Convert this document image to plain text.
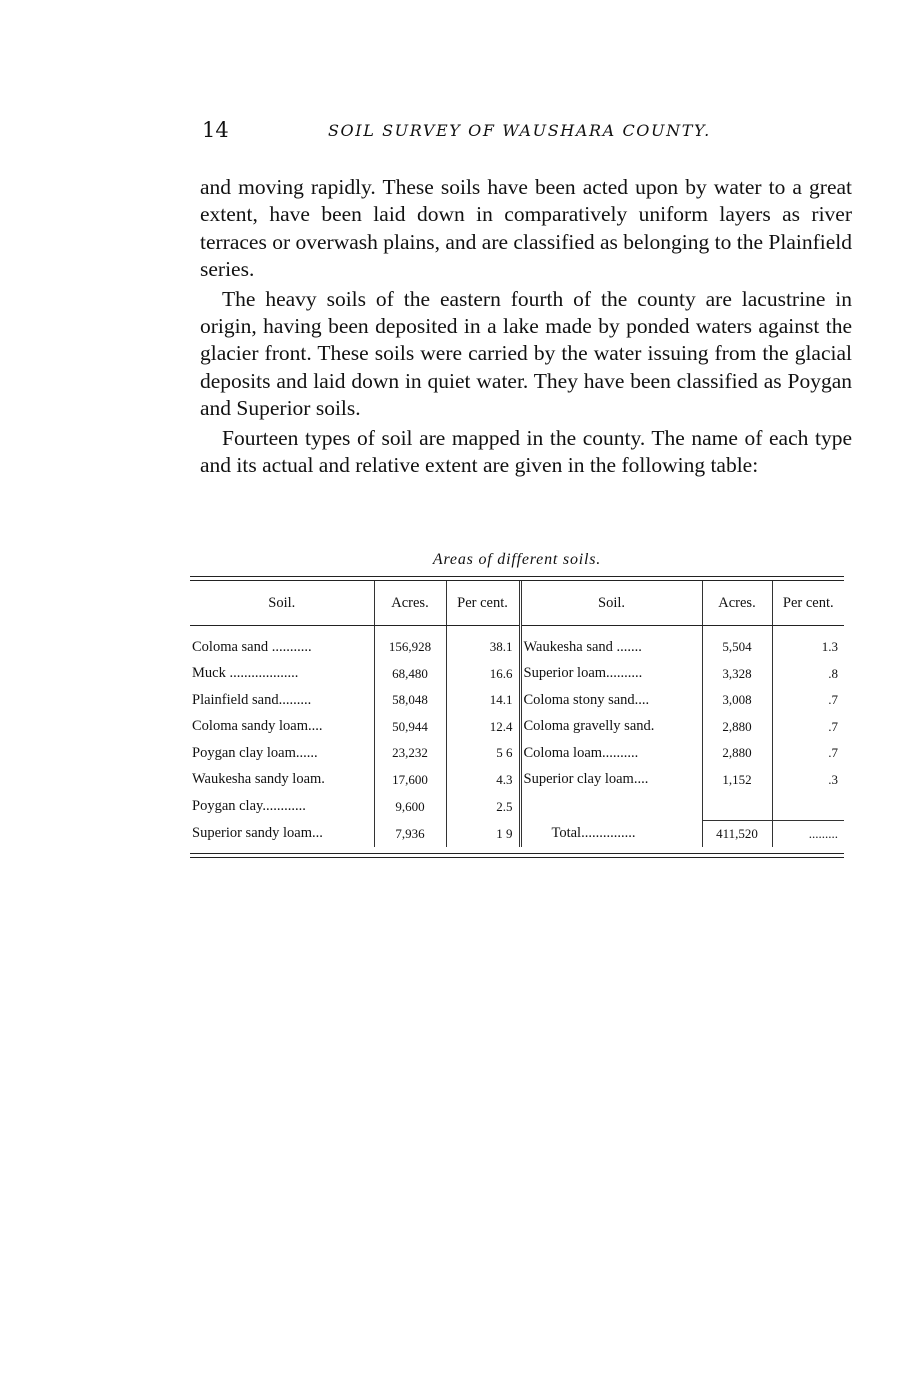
14	SOIL SURVEY OF WAUSHARA COUNTY.

and moving rapidly. These soils have been acted upon by water to a great extent, have been laid down in comparatively uniform layers as river terraces or overwash plains, and are classified as belonging to the Plainfield series.

The heavy soils of the eastern fourth of the county are lacustrine in origin, having been deposited in a lake made by ponded waters against the glacier front. These soils were carried by the water issuing from the glacial deposits and laid down in quiet water. They have been classified as Poygan and Superior soils.

Fourteen types of soil are mapped in the county. The name of each type and its actual and relative extent are given in the following table:

Areas of different soils.
Soil.	Acres.	Per cent.	Soil.	Acres.	Per cent.
Coloma sand ...........	156,928	38.1	Waukesha sand .......	5,504	1.3
Muck ...................	68,480	16.6	Superior loam..........	3,328	.8
Plainfield sand.........	58,048	14.1	Coloma stony sand....	3,008	.7
Coloma sandy loam....	50,944	12.4	Coloma gravelly sand.	2,880	.7
Poygan clay loam......	23,232	5 6	Coloma loam..........	2,880	.7
Waukesha sandy loam.	17,600	4.3	Superior clay loam....	1,152	.3
Poygan clay............	9,600	2.5			
Superior sandy loam...	7,936	1 9	Total...............	411,520	.........
